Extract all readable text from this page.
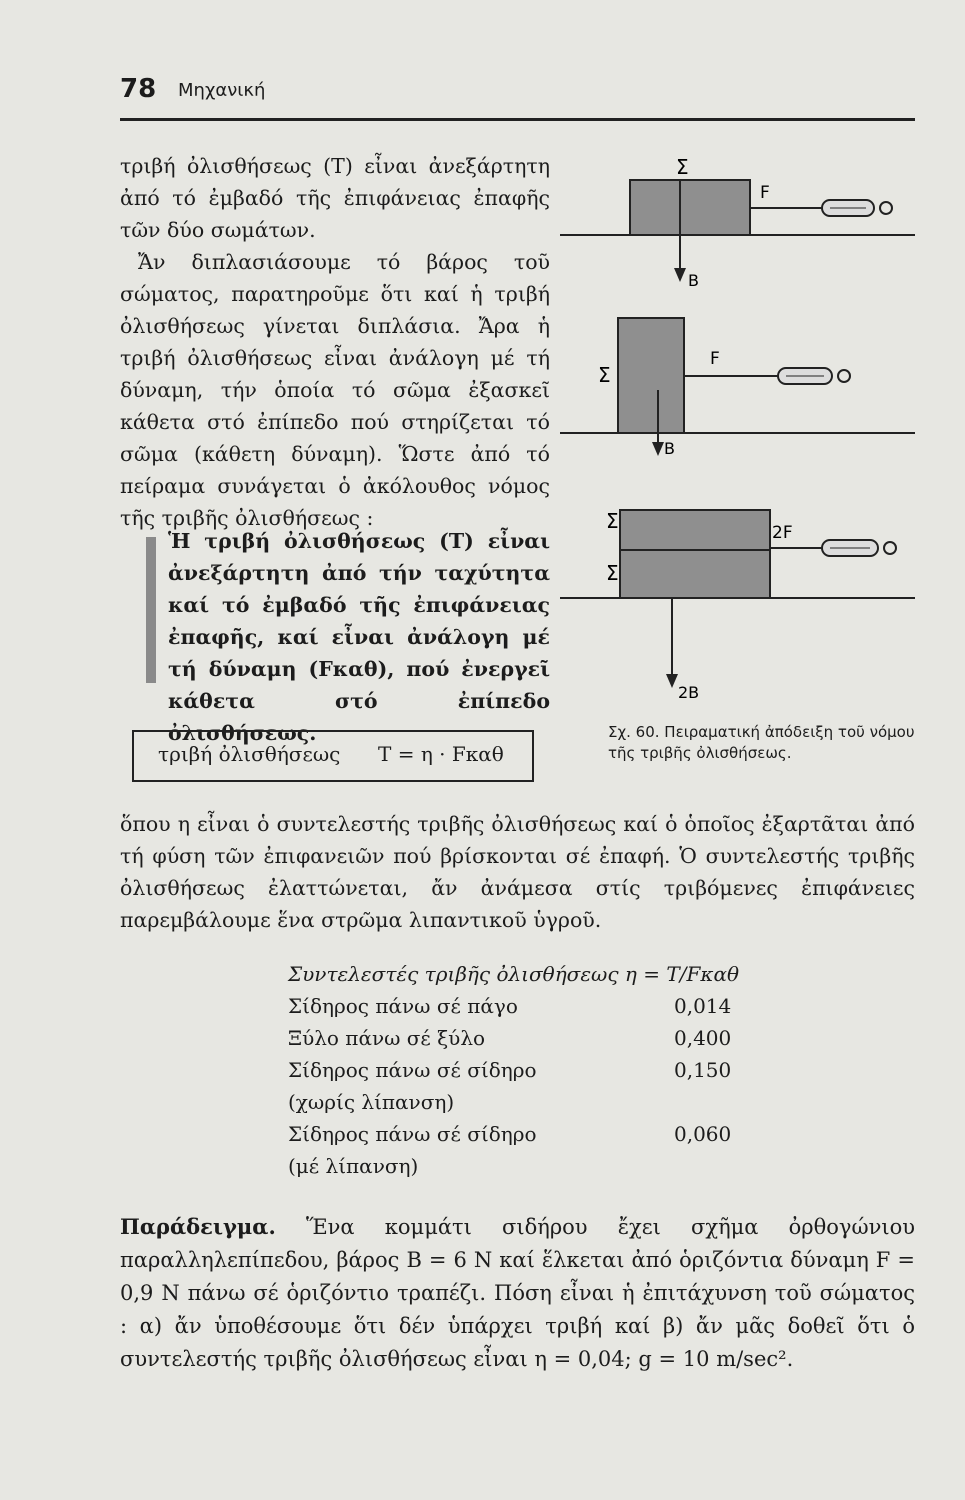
78 Μηχανική

τριβή ὀλισθήσεως (Τ) εἶναι ἀνεξάρτητη ἀπό τό ἐμβαδό τῆς ἐπιφάνειας ἐπαφῆς τῶν δύο σωμάτων.

Ἄν διπλασιάσουμε τό βάρος τοῦ σώματος, παρατηροῦμε ὅτι καί ἡ τριβή ὀλισθήσεως γίνεται διπλάσια. Ἄρα ἡ τριβή ὀλισθήσεως εἶναι ἀνάλογη μέ τή δύναμη, τήν ὁποία τό σῶμα ἐξασκεῖ κάθετα στό ἐπίπεδο πού στηρίζεται τό σῶμα (κάθετη δύναμη). Ὥστε ἀπό τό πείραμα συνάγεται ὁ ἀκόλουθος νόμος τῆς τριβῆς ὀλισθήσεως :

Ἡ τριβή ὀλισθήσεως (Τ) εἶναι ἀνεξάρτητη ἀπό τήν ταχύτητα καί τό ἐμβαδό τῆς ἐπιφάνειας ἐπαφῆς, καί εἶναι ἀνάλογη μέ τή δύναμη (Fκαθ), πού ἐνεργεῖ κάθετα στό ἐπίπεδο ὀλισθήσεως.

τριβή ὀλισθήσεως Τ = η · Fκαθ
Σ
F
B
Σ
F
B
Σ
Σ
2F
2B
Σχ. 60. Πειραματική ἀπόδειξη τοῦ νόμου τῆς τριβῆς ὀλισθήσεως.

ὅπου η εἶναι ὁ συντελεστής τριβῆς ὀλισθήσεως καί ὁ ὁποῖος ἐξαρτᾶται ἀπό τή φύση τῶν ἐπιφανειῶν πού βρίσκονται σέ ἐπαφή. Ὁ συντελεστής τριβῆς ὀλισθήσεως ἐλαττώνεται, ἄν ἀνάμεσα στίς τριβόμενες ἐπιφάνειες παρεμβάλουμε ἕνα στρῶμα λιπαντικοῦ ὑγροῦ.

Συντελεστές τριβῆς ὀλισθήσεως η = Τ/Fκαθ

Σίδηρος πάνω σέ πάγο	0,014
Ξύλο πάνω σέ ξύλο	0,400
Σίδηρος πάνω σέ σίδηρο	0,150
(χωρίς λίπανση)
Σίδηρος πάνω σέ σίδηρο	0,060
(μέ λίπανση)

Παράδειγμα. Ἕνα κομμάτι σιδήρου ἔχει σχῆμα ὀρθογώνιου παραλληλεπίπεδου, βάρος B = 6 N καί ἕλκεται ἀπό ὁριζόντια δύναμη F = 0,9 N πάνω σέ ὁριζόντιο τραπέζι. Πόση εἶναι ἡ ἐπιτάχυνση τοῦ σώματος : α) ἄν ὑποθέσουμε ὅτι δέν ὑπάρχει τριβή καί β) ἄν μᾶς δοθεῖ ὅτι ὁ συντελεστής τριβῆς ὀλισθήσεως εἶναι η = 0,04; g = 10 m/sec².
